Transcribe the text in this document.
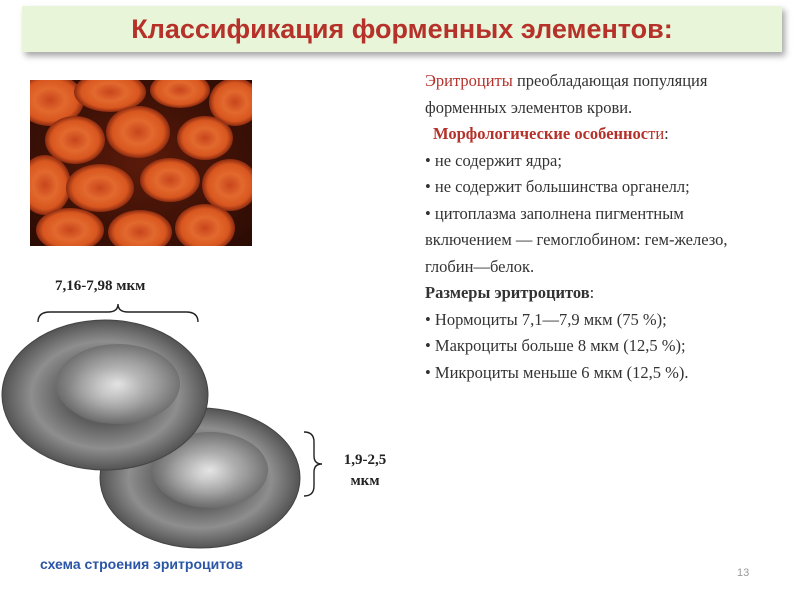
Классификация форменных элементов:
7,16-7,98 мкм
1,9-2,5
мкм
схема строения эритроцитов

Эритроциты преобладающая популяция форменных элементов крови.

Морфологические особенности:

• не содержит ядра;

• не содержит большинства органелл;

• цитоплазма заполнена пигментным включением — гемоглобином: гем-железо, глобин—белок.

Размеры эритроцитов:

• Нормоциты 7,1—7,9 мкм (75 %);

• Макроциты больше 8 мкм (12,5 %);

• Микроциты меньше 6 мкм (12,5 %).

13
